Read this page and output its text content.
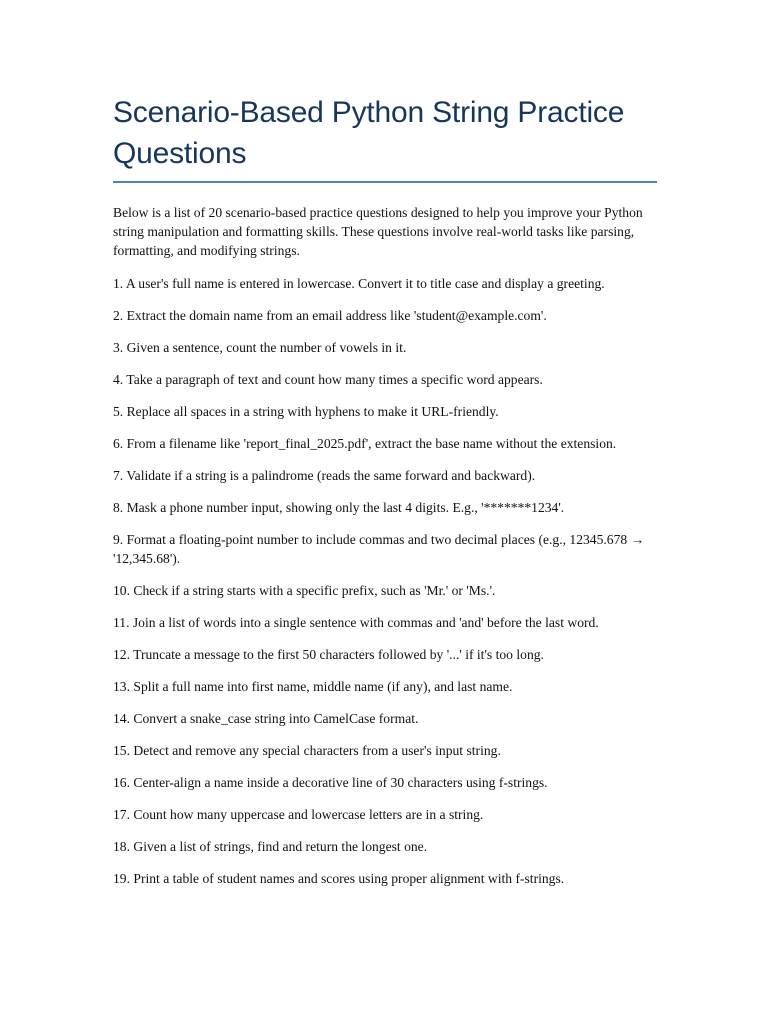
Scenario-Based Python String Practice Questions

Below is a list of 20 scenario-based practice questions designed to help you improve your Python string manipulation and formatting skills. These questions involve real-world tasks like parsing, formatting, and modifying strings.

1. A user's full name is entered in lowercase. Convert it to title case and display a greeting.
2. Extract the domain name from an email address like 'student@example.com'.
3. Given a sentence, count the number of vowels in it.
4. Take a paragraph of text and count how many times a specific word appears.
5. Replace all spaces in a string with hyphens to make it URL-friendly.
6. From a filename like 'report_final_2025.pdf', extract the base name without the extension.
7. Validate if a string is a palindrome (reads the same forward and backward).
8. Mask a phone number input, showing only the last 4 digits. E.g., '*******1234'.
9. Format a floating-point number to include commas and two decimal places (e.g., 12345.678 → '12,345.68').
10. Check if a string starts with a specific prefix, such as 'Mr.' or 'Ms.'.
11. Join a list of words into a single sentence with commas and 'and' before the last word.
12. Truncate a message to the first 50 characters followed by '...' if it's too long.
13. Split a full name into first name, middle name (if any), and last name.
14. Convert a snake_case string into CamelCase format.
15. Detect and remove any special characters from a user's input string.
16. Center-align a name inside a decorative line of 30 characters using f-strings.
17. Count how many uppercase and lowercase letters are in a string.
18. Given a list of strings, find and return the longest one.
19. Print a table of student names and scores using proper alignment with f-strings.
